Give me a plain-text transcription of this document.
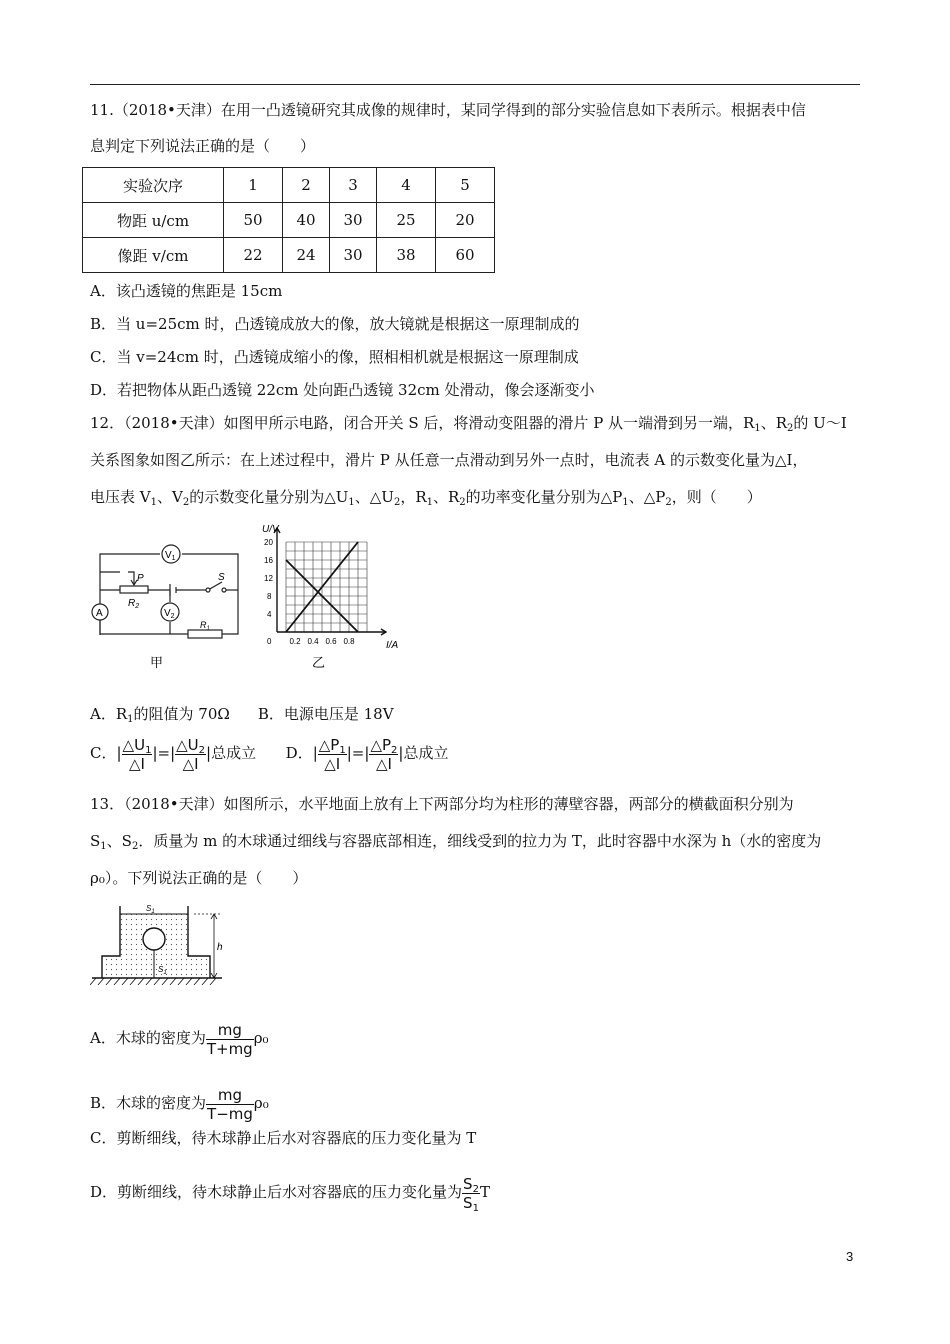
11.（2018•天津）在用一凸透镜研究其成像的规律时，某同学得到的部分实验信息如下表所示。根据表中信
息判定下列说法正确的是（　　）
实验次序	1	2	3	4	5
物距 u/cm	50	40	30	25	20
像距 v/cm	22	24	30	38	60
A．该凸透镜的焦距是 15cm
B．当 u=25cm 时，凸透镜成放大的像，放大镜就是根据这一原理制成的
C．当 v=24cm 时，凸透镜成缩小的像，照相相机就是根据这一原理制成
D．若把物体从距凸透镜 22cm 处向距凸透镜 32cm 处滑动，像会逐渐变小
12．（2018•天津）如图甲所示电路，闭合开关 S 后，将滑动变阻器的滑片 P 从一端滑到另一端，$R_1$、$R_2$的 U～I
关系图象如图乙所示：在上述过程中，滑片 P 从任意一点滑动到另外一点时，电流表 A 的示数变化量为△I，
电压表 $V_1$、$V_2$的示数变化量分别为$\triangle U_1$、$\triangle U_2$，$R_1$、$R_2$的功率变化量分别为$\triangle P_1$、$\triangle P_2$，则（　　）
A
$V_1$
$V_2$
P
$R_2$
$R_1$
S
甲
U/V
I/A
20
16
12
8
4
0 0.2 0.4 0.6 0.8
乙
A．$R_1$的阻值为 70Ω B．电源电压是 18V
C．| $\frac{\triangle U_1}{\triangle I}$ |=| $\frac{\triangle U_2}{\triangle I}$ |总成立 D．| $\frac{\triangle P_1}{\triangle I}$ |=| $\frac{\triangle P_2}{\triangle I}$ |总成立
13．（2018•天津）如图所示，水平地面上放有上下两部分均为柱形的薄壁容器，两部分的横截面积分别为
$S_1$、$S_2$．质量为 m 的木球通过细线与容器底部相连，细线受到的拉力为 T，此时容器中水深为 h（水的密度为
ρ₀）。下列说法正确的是（　　）
h
$S_1$
$S_1$
A．木球的密度为 $\frac{mg}{T+mg} \rho_0$
B．木球的密度为 $\frac{mg}{T-mg} \rho_0$
C．剪断细线，待木球静止后水对容器底的压力变化量为 T
D．剪断细线，待木球静止后水对容器底的压力变化量为 $\frac{S_2}{S_1}$ T
3
